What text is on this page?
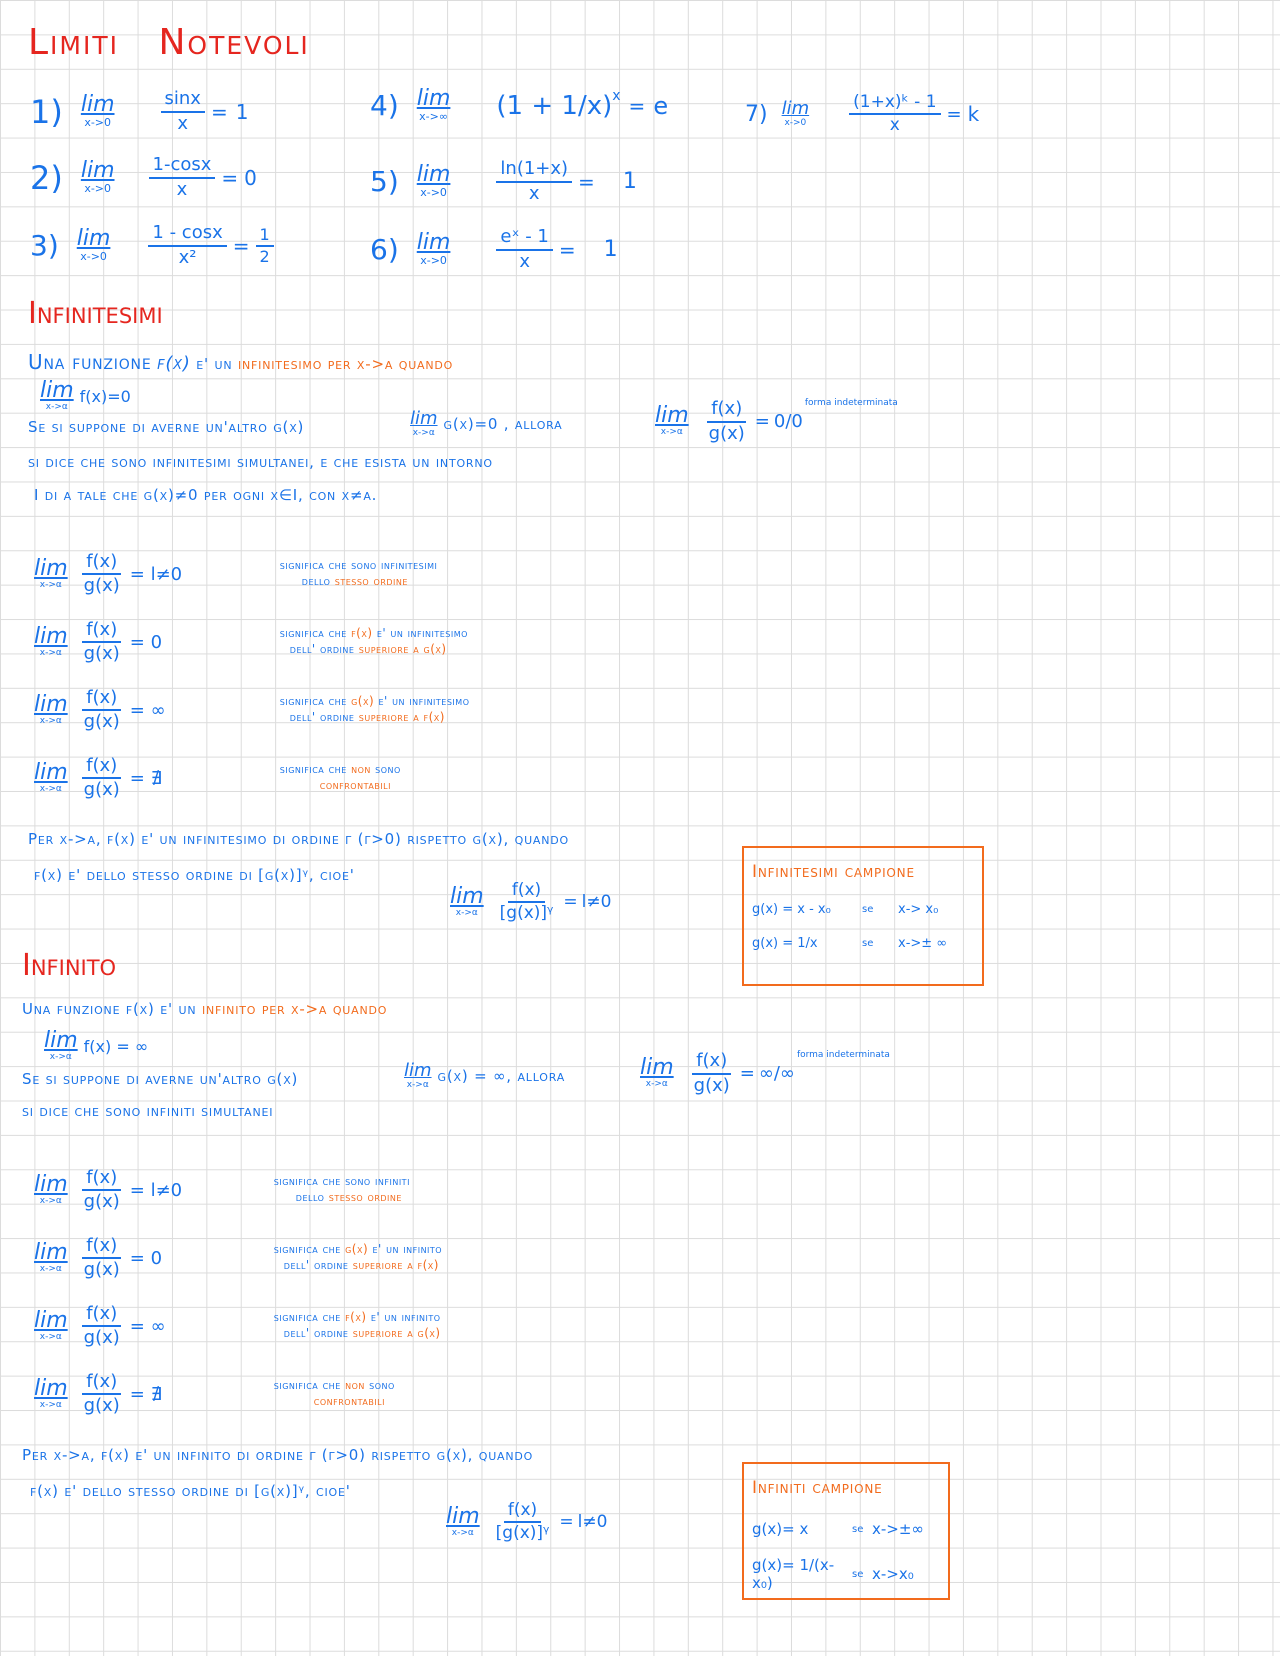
Limiti Notevoli
1) lim
x->0	$\frac{\sin x}{x} = 1$
2) lim
$x->0 \frac{1-\cos x}{x} = 0$
3) lim
$x->0 \frac{1 - \cos x}{\text{x²}} = \frac{1}{2}$
4) lim
x->∞ $(1 + 1/x)^x = e$
5) lim
x->0	$\frac{\ln(1+x)}{x} = 1$
6) lim
x->0	$\frac{\text{eˣ - 1}}{x} = 1$
7) lim
x->0	$\frac{\text{(1+x)ᵏ - 1}}{x} = k$
Infinitesimi
Una funzione f(x) e' un infinitesimo per x->α quando
lim
x->α
f(x)=0
Se si suppone di averne un'altro g(x)	lim
x->α g(x)=0 , allora
si dice che sono infinitesimi simultanei, e che esista un intorno
I di α tale che g(x)≠0 per ogni x∈I, con x≠α.
lim
$x->\alpha \frac{f(x)}{g(x)} = 0/0$
forma indeterminata
lim
$x->\alpha \frac{f(x)}{g(x)} = l\ne 0$	significa che sono infinitesimi
dello stesso ordine
lim
$x->\alpha \frac{f(x)}{g(x)} = 0$	significa che f(x) e' un infinitesimo
dell' ordine superiore a g(x)
lim
$x->\alpha \frac{f(x)}{g(x)}$ = ∞	significa che g(x) e' un infinitesimo
dell' ordine superiore a f(x)
lim
$x->\alpha \frac{f(x)}{g(x)}$ = ∄	significa che non sono
confrontabili
Per x->α, f(x) e' un infinitesimo di ordine γ (γ>0) rispetto g(x), quando
f(x) e' dello stesso ordine di [g(x)]ᵞ, cioe'
lim
$x->\alpha \frac{f(x)}{\text{[g(x)]ᵞ}} = l\ne 0$
Infinitesimi campione
g(x) = x - x₀	se	x-> x₀
g(x) = 1/x	se	x->± ∞
Infinito
Una funzione f(x) e' un infinito per x->α quando
lim
x->α
f(x) = ∞
Se si suppone di averne un'altro g(x)	lim
x->α g(x) = ∞, allora
si dice che sono infiniti simultanei
lim
$x->\alpha \frac{f(x)}{g(x)}$ = ∞/∞
forma indeterminata
lim
$x->\alpha \frac{f(x)}{g(x)} = l\ne 0$	significa che sono infiniti
dello stesso ordine
lim
$x->\alpha \frac{f(x)}{g(x)} = 0$	significa che g(x) e' un infinito
dell' ordine superiore a f(x)
lim
$x->\alpha \frac{f(x)}{g(x)}$ = ∞	significa che f(x) e' un infinito
dell' ordine superiore a g(x)
lim
$x->\alpha \frac{f(x)}{g(x)}$ = ∄	significa che non sono
confrontabili
Per x->α, f(x) e' un infinito di ordine γ (γ>0) rispetto g(x), quando
f(x) e' dello stesso ordine di [g(x)]ᵞ, cioe'
lim
$x->\alpha \frac{f(x)}{\text{[g(x)]ᵞ}} = l\ne 0$
Infiniti campione
g(x)= x	se x->±∞
g(x)= 1/(x-x₀)	se x->x₀
